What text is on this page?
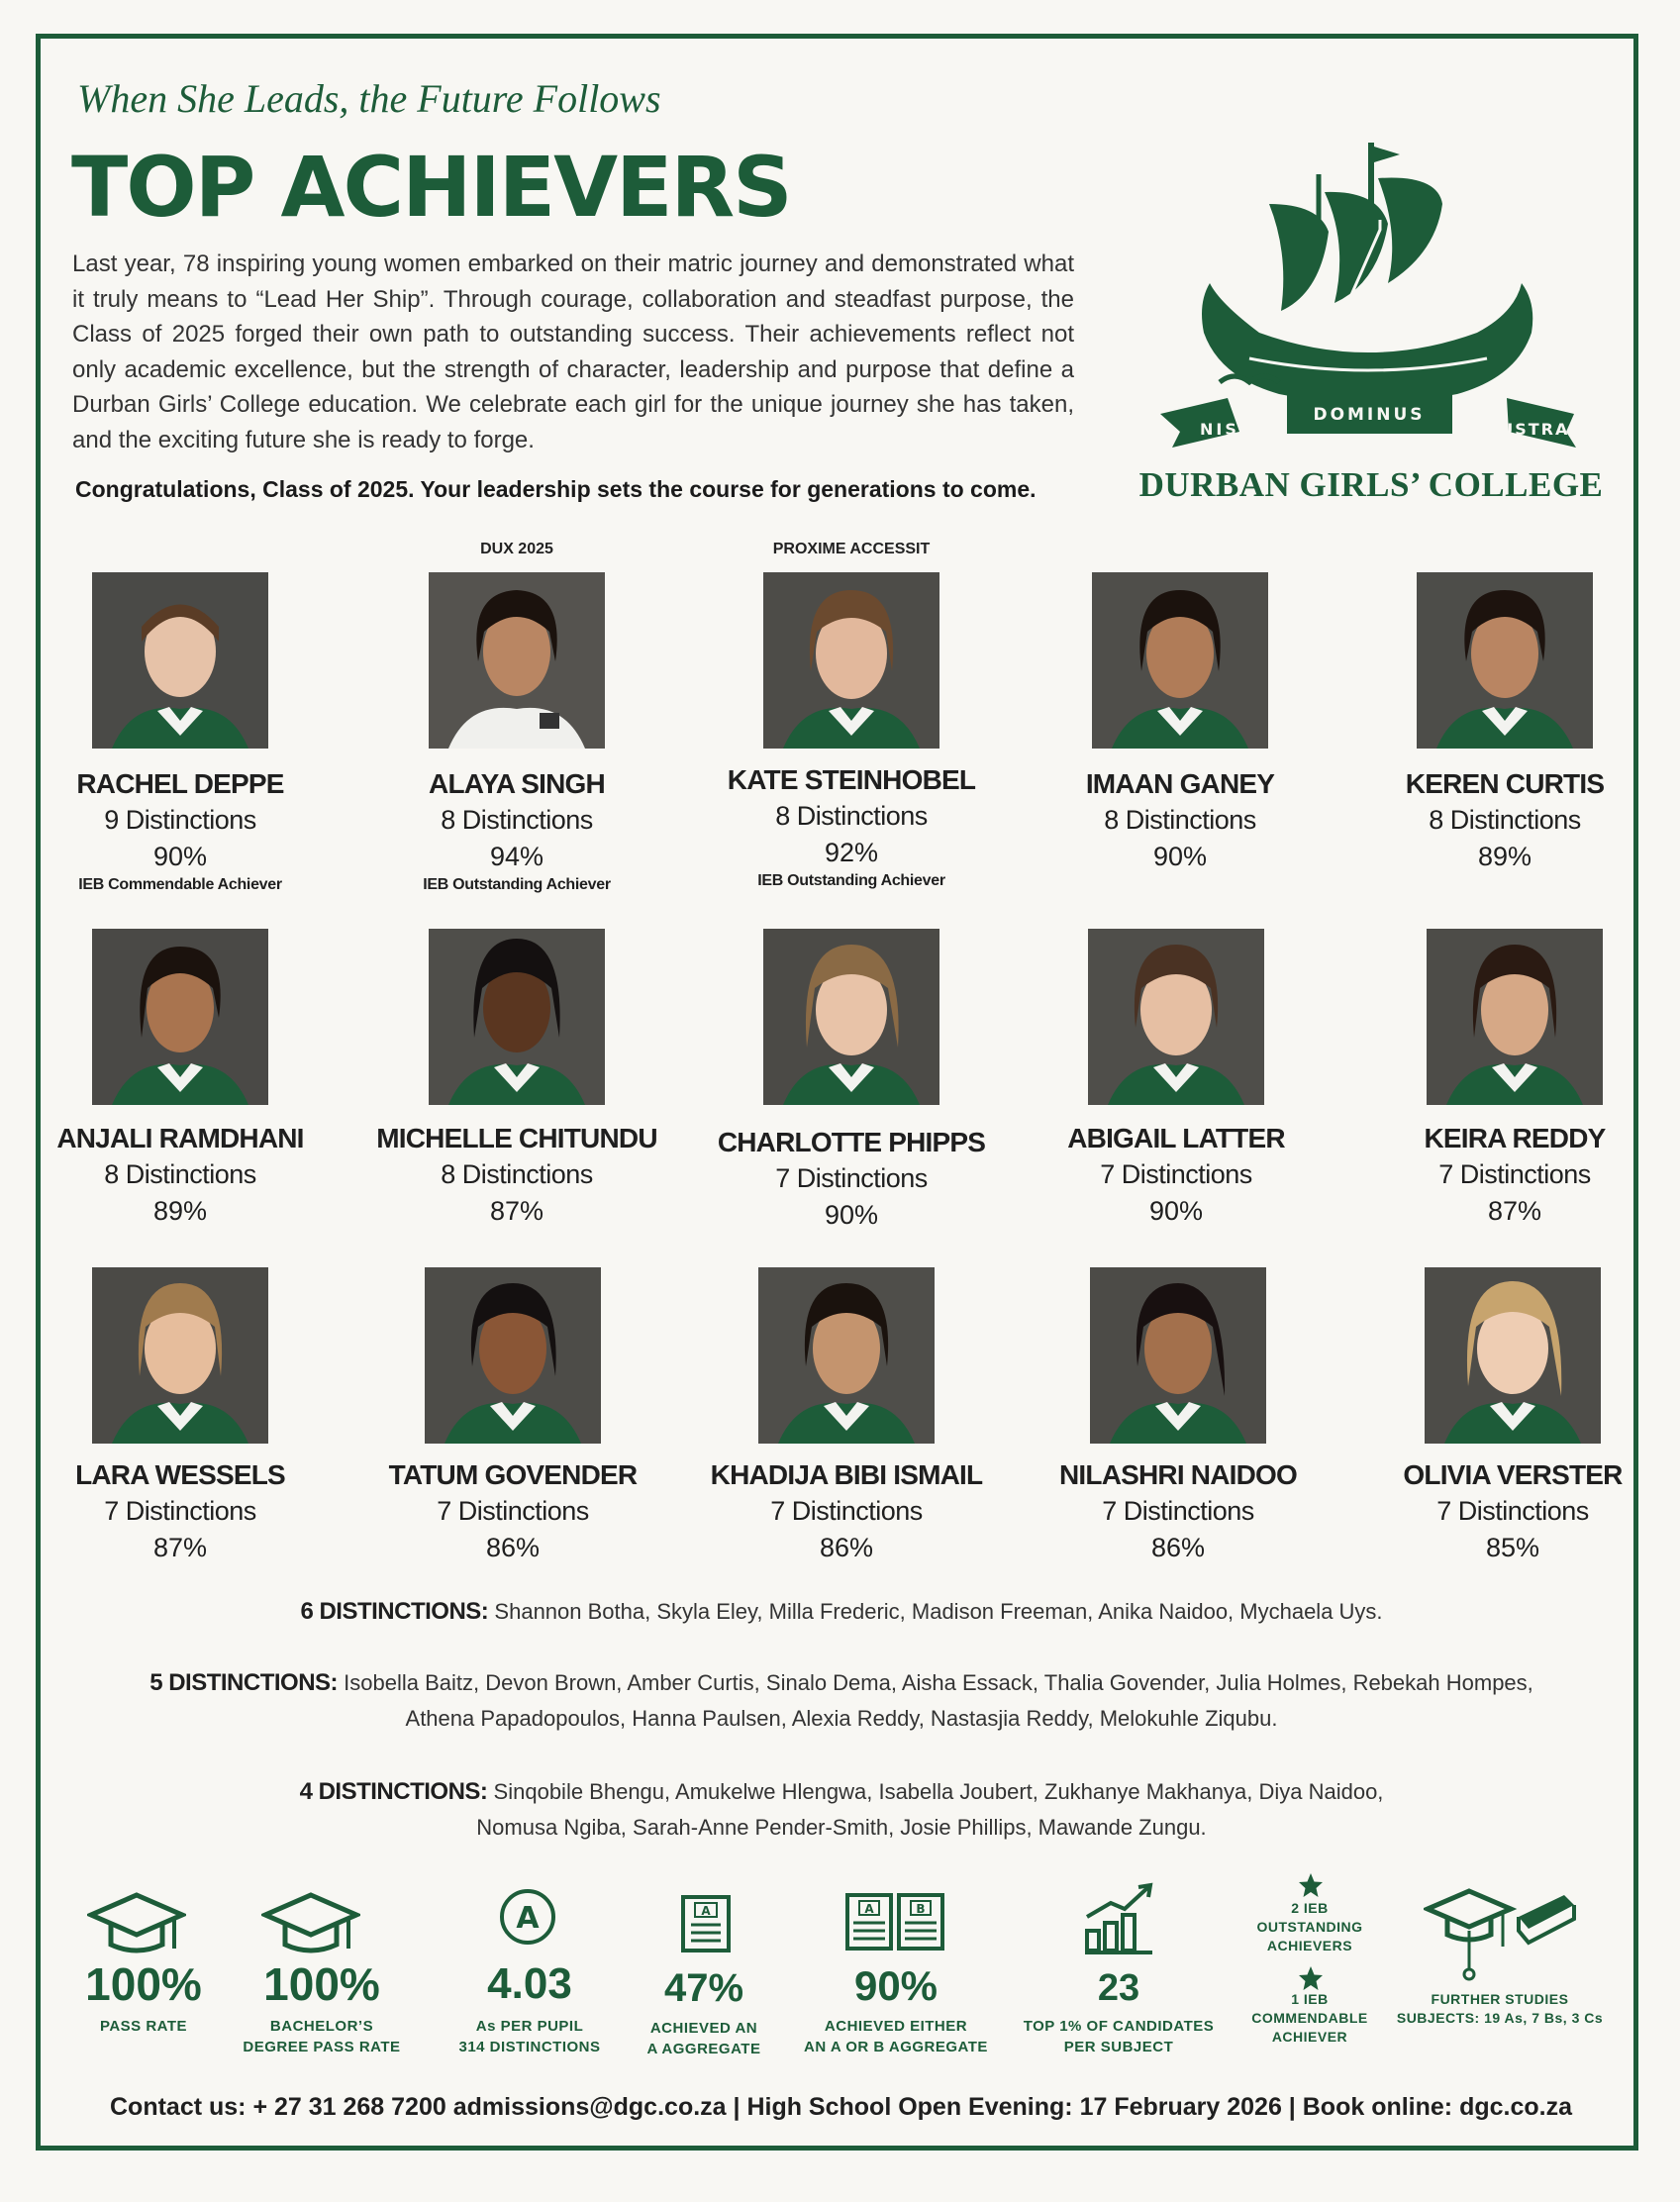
When She Leads, the Future Follows
TOP ACHIEVERS
Last year, 78 inspiring young women embarked on their matric journey and demonstrated what it truly means to “Lead Her Ship”. Through courage, collaboration and steadfast purpose, the Class of 2025 forged their own path to outstanding success. Their achievements reflect not only academic excellence, but the strength of character, leadership and purpose that define a Durban Girls’ College education. We celebrate each girl for the unique journey she has taken, and the exciting future she is ready to forge.
Congratulations, Class of 2025. Your leadership sets the course for generations to come.
NISI
DOMINUS
FRUSTRA
DURBAN GIRLS’ COLLEGE
DUX 2025	PROXIME ACCESSIT
RACHEL DEPPE
9 Distinctions
90%
IEB Commendable Achiever
ALAYA SINGH
8 Distinctions
94%
IEB Outstanding Achiever
KATE STEINHOBEL
8 Distinctions
92%
IEB Outstanding Achiever
IMAAN GANEY
8 Distinctions
90%
KEREN CURTIS
8 Distinctions
89%
ANJALI RAMDHANI
8 Distinctions
89%
MICHELLE CHITUNDU
8 Distinctions
87%
CHARLOTTE PHIPPS
7 Distinctions
90%
ABIGAIL LATTER
7 Distinctions
90%
KEIRA REDDY
7 Distinctions
87%
LARA WESSELS
7 Distinctions
87%
TATUM GOVENDER
7 Distinctions
86%
KHADIJA BIBI ISMAIL
7 Distinctions
86%
NILASHRI NAIDOO
7 Distinctions
86%
OLIVIA VERSTER
7 Distinctions
85%
6 DISTINCTIONS: Shannon Botha, Skyla Eley, Milla Frederic, Madison Freeman, Anika Naidoo, Mychaela Uys.
5 DISTINCTIONS: Isobella Baitz, Devon Brown, Amber Curtis, Sinalo Dema, Aisha Essack, Thalia Govender, Julia Holmes, Rebekah Hompes,
Athena Papadopoulos, Hanna Paulsen, Alexia Reddy, Nastasjia Reddy, Melokuhle Ziqubu.
4 DISTINCTIONS: Sinqobile Bhengu, Amukelwe Hlengwa, Isabella Joubert, Zukhanye Makhanya, Diya Naidoo,
Nomusa Ngiba, Sarah-Anne Pender-Smith, Josie Phillips, Mawande Zungu.
A	A	A	B
100%
PASS RATE
100%
BACHELOR’S
DEGREE PASS RATE
4.03
As PER PUPIL
314 DISTINCTIONS
47%
ACHIEVED AN
A AGGREGATE
90%
ACHIEVED EITHER
AN A OR B AGGREGATE
23
TOP 1% OF CANDIDATES
PER SUBJECT
2 IEB
OUTSTANDING
ACHIEVERS
1 IEB
COMMENDABLE
ACHIEVER
FURTHER STUDIES
SUBJECTS: 19 As, 7 Bs, 3 Cs
Contact us: + 27 31 268 7200 admissions@dgc.co.za | High School Open Evening: 17 February 2026 | Book online: dgc.co.za
